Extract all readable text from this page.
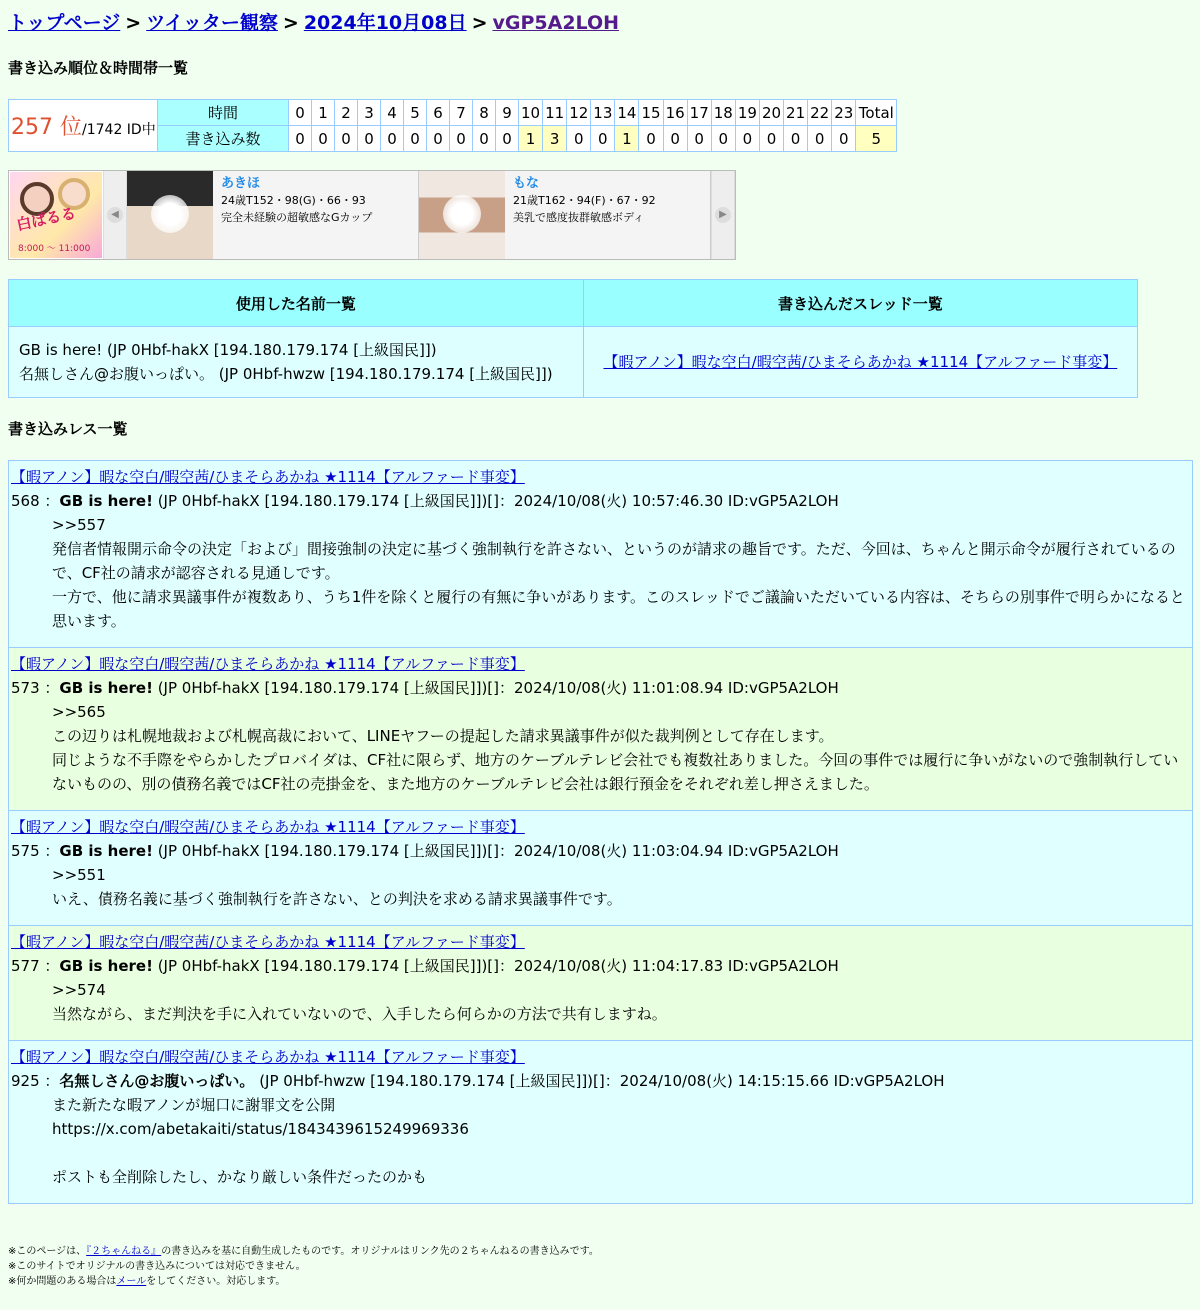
トップページ > ツイッター観察 > 2024年10月08日 > vGP5A2LOH
書き込み順位＆時間帯一覧
257 位/1742 ID中	時間	0	1	2	3	4	5	6	7	8	9	10	11	12	13	14	15	16	17	18	19	20	21	22	23	Total
	書き込み数	0	0	0	0	0	0	0	0	0	0	1	3	0	0	1	0	0	0	0	0	0	0	0	0	5
白ぱるる
8:000 〜 11:000
◀
あきほ
24歳T152・98(G)・66・93
完全未経験の超敏感なGカップ
もな
21歳T162・94(F)・67・92
美乳で感度抜群敏感ボディ	▶
使用した名前一覧	書き込んだスレッド一覧

GB is here! (JP 0Hbf-hakX [194.180.179.174 [上級国民]])
名無しさん@お腹いっぱい。 (JP 0Hbf-hwzw [194.180.179.174 [上級国民]])	【暇アノン】暇な空白/暇空茜/ひまそらあかね ★1114【アルファード事変】
書き込みレス一覧
【暇アノン】暇な空白/暇空茜/ひまそらあかね ★1114【アルファード事変】
568 ：GB is here! (JP 0Hbf-hakX [194.180.179.174 [上級国民]])[]：2024/10/08(火) 10:57:46.30 ID:vGP5A2LOH
>>557
発信者情報開示命令の決定「および」間接強制の決定に基づく強制執行を許さない、というのが請求の趣旨です。ただ、今回は、ちゃんと開示命令が履行されているので、CF社の請求が認容される見通しです。
一方で、他に請求異議事件が複数あり、うち1件を除くと履行の有無に争いがあります。このスレッドでご議論いただいている内容は、そちらの別事件で明らかになると思います。
【暇アノン】暇な空白/暇空茜/ひまそらあかね ★1114【アルファード事変】
573 ：GB is here! (JP 0Hbf-hakX [194.180.179.174 [上級国民]])[]：2024/10/08(火) 11:01:08.94 ID:vGP5A2LOH
>>565
この辺りは札幌地裁および札幌高裁において、LINEヤフーの提起した請求異議事件が似た裁判例として存在します。
同じような不手際をやらかしたプロバイダは、CF社に限らず、地方のケーブルテレビ会社でも複数社ありました。今回の事件では履行に争いがないので強制執行していないものの、別の債務名義ではCF社の売掛金を、また地方のケーブルテレビ会社は銀行預金をそれぞれ差し押さえました。
【暇アノン】暇な空白/暇空茜/ひまそらあかね ★1114【アルファード事変】
575 ：GB is here! (JP 0Hbf-hakX [194.180.179.174 [上級国民]])[]：2024/10/08(火) 11:03:04.94 ID:vGP5A2LOH
>>551
いえ、債務名義に基づく強制執行を許さない、との判決を求める請求異議事件です。
【暇アノン】暇な空白/暇空茜/ひまそらあかね ★1114【アルファード事変】
577 ：GB is here! (JP 0Hbf-hakX [194.180.179.174 [上級国民]])[]：2024/10/08(火) 11:04:17.83 ID:vGP5A2LOH
>>574
当然ながら、まだ判決を手に入れていないので、入手したら何らかの方法で共有しますね。
【暇アノン】暇な空白/暇空茜/ひまそらあかね ★1114【アルファード事変】
925 ：名無しさん@お腹いっぱい。 (JP 0Hbf-hwzw [194.180.179.174 [上級国民]])[]：2024/10/08(火) 14:15:15.66 ID:vGP5A2LOH
また新たな暇アノンが堀口に謝罪文を公開
https://x.com/abetakaiti/status/1843439615249969336
ポストも全削除したし、かなり厳しい条件だったのかも
※このページは、『２ちゃんねる』の書き込みを基に自動生成したものです。オリジナルはリンク先の２ちゃんねるの書き込みです。
※このサイトでオリジナルの書き込みについては対応できません。
※何か問題のある場合はメールをしてください。対応します。
